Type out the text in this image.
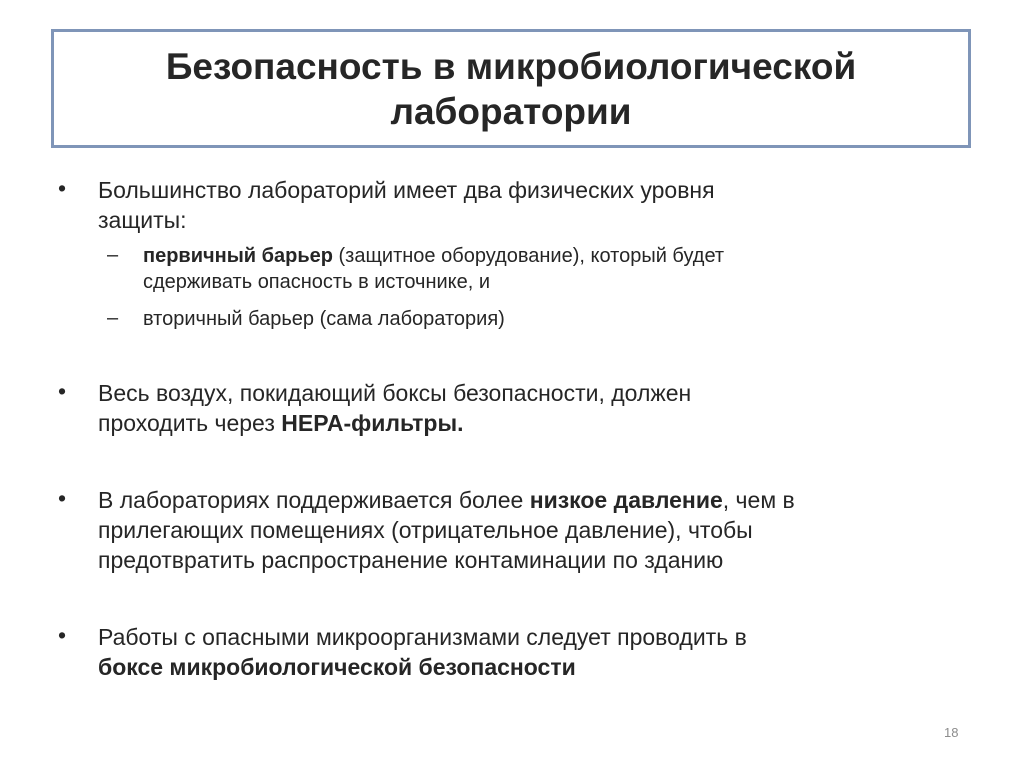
Безопасность в микробиологической
лаборатории
• Большинство лабораторий имеет два физических уровня
защиты:
– первичный барьер (защитное оборудование), который будет
сдерживать опасность в источнике, и
– вторичный барьер (сама лаборатория)
• Весь воздух, покидающий боксы безопасности, должен
проходить через HEPA-фильтры.
• В лабораториях поддерживается более низкое давление, чем в
прилегающих помещениях (отрицательное давление), чтобы
предотвратить распространение контаминации по зданию
• Работы с опасными микроорганизмами следует проводить в
боксе микробиологической безопасности
18
